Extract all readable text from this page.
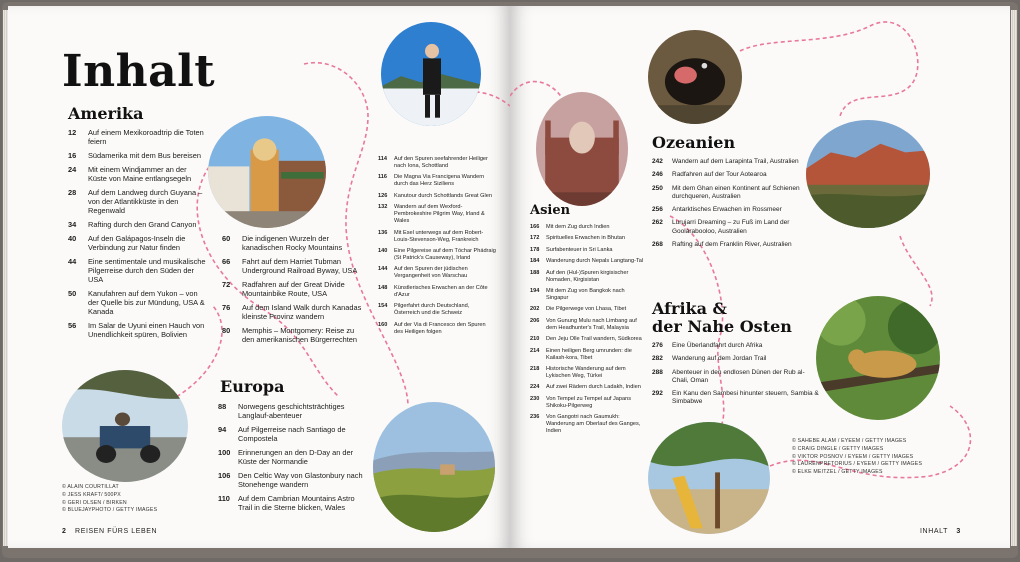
Inhalt
Amerika
12	Auf einem Mexikoroadtrip die Toten feiern
16	Südamerika mit dem Bus bereisen
24	Mit einem Windjammer an der Küste von Maine entlangsegeln
28	Auf dem Landweg durch Guyana – von der Atlantikküste in den Regenwald
34	Rafting durch den Grand Canyon
40	Auf den Galápagos-Inseln die Verbindung zur Natur finden
44	Eine sentimentale und musikalische Pilgerreise durch den Süden der USA
50	Kanufahren auf dem Yukon – von der Quelle bis zur Mündung, USA & Kanada
56	Im Salar de Uyuni einen Hauch von Unendlichkeit spüren, Bolivien
60	Die indigenen Wurzeln der kanadischen Rocky Mountains
66	Fahrt auf dem Harriet Tubman Underground Railroad Byway, USA
72	Radfahren auf der Great Divide Mountainbike Route, USA
76	Auf dem Island Walk durch Kanadas kleinste Provinz wandern
80	Memphis – Montgomery: Reise zu den amerikanischen Bürgerrechten
Europa
88	Norwegens geschichtsträchtiges Langlauf-abenteuer
94	Auf Pilgerreise nach Santiago de Compostela
100	Erinnerungen an den D-Day an der Küste der Normandie
106	Den Celtic Way von Glastonbury nach Stonehenge wandern
110	Auf dem Cambrian Mountains Astro Trail in die Sterne blicken, Wales
114	Auf den Spuren seefahrender Heiliger nach Iona, Schottland
116	Die Magna Via Francigena Wandern durch das Herz Siziliens
126	Kanutour durch Schottlands Great Glen
132	Wandern auf dem Wexford-Pembrokeshire Pilgrim Way, Irland & Wales
136	Mit Esel unterwegs auf dem Robert-Louis-Stevenson-Weg, Frankreich
140	Eine Pilgereise auf dem Tóchar Phádraig (St Patrick's Causeway), Irland
144	Auf den Spuren der jüdischen Vergangenheit von Warschau
148	Künstlerisches Erwachen an der Côte d'Azur
154	Pilgerfahrt durch Deutschland, Österreich und die Schweiz
160	Auf der Via di Francesco den Spuren des Heiligen folgen
© ALAIN COURTILLAT
© JESS KRAFT/ 500PX
© GERI OLSEN / BIRKEN
© BLUEJAYPHOTO / GETTY IMAGES
2 REISEN FÜRS LEBEN
Asien
166	Mit dem Zug durch Indien
172	Spirituelles Erwachen in Bhutan
178	Surfabenteuer in Sri Lanka
184	Wanderung durch Nepals Langtang-Tal
188	Auf den (Hul-)Spuren kirgisischer Nomaden, Kirgisistan
194	Mit dem Zug von Bangkok nach Singapur
202	Die Pilgerwege von Lhasa, Tibet
206	Von Gunung Mulu nach Limbang auf dem Headhunter's Trail, Malaysia
210	Den Jeju Olle Trail wandern, Südkorea
214	Einen heiligen Berg umrunden: die Kailash-kora, Tibet
218	Historische Wanderung auf dem Lykischen Weg, Türkei
224	Auf zwei Rädern durch Ladakh, Indien
230	Von Tempel zu Tempel auf Japans Shikoku-Pilgerweg
236	Von Gangotri nach Gaumukh: Wanderung am Oberlauf des Ganges, Indien
Ozeanien
242	Wandern auf dem Larapinta Trail, Australien
246	Radfahren auf der Tour Aotearoa
250	Mit dem Ghan einen Kontinent auf Schienen durchqueren, Australien
256	Antarktisches Erwachen im Rossmeer
262	Lurujarri Dreaming – zu Fuß im Land der Goolarabooloo, Australien
268	Rafting auf dem Franklin River, Australien
Afrika &
der Nahe Osten
276	Eine Überlandfahrt durch Afrika
282	Wanderung auf dem Jordan Trail
288	Abenteuer in den endlosen Dünen der Rub al-Chali, Oman
292	Ein Kanu den Sambesi hinunter steuern, Sambia & Simbabwe
© SAHEBE ALAM / EYEEM / GETTY IMAGES
© CRAIG DINGLE / GETTY IMAGES
© VIKTOR POSNOV / EYEEM / GETTY IMAGES
© LAURENPRETORIUS / EYEEM / GETTY IMAGES
© ELKE MEITZEL / GETTY IMAGES
INHALT 3
